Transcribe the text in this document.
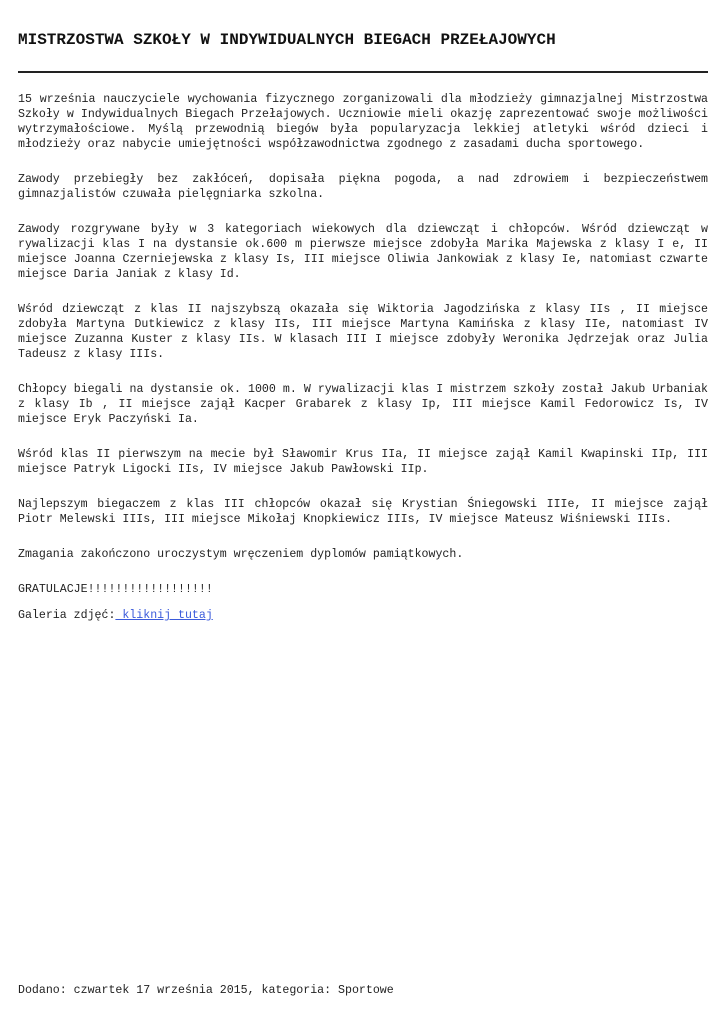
MISTRZOSTWA SZKOŁY W INDYWIDUALNYCH BIEGACH PRZEŁAJOWYCH

15 września nauczyciele wychowania fizycznego zorganizowali dla młodzieży gimnazjalnej Mistrzostwa Szkoły w Indywidualnych Biegach Przełajowych. Uczniowie mieli okazję zaprezentować swoje możliwości wytrzymałościowe. Myślą przewodnią biegów była popularyzacja lekkiej atletyki wśród dzieci i młodzieży oraz nabycie umiejętności współzawodnictwa zgodnego z zasadami ducha sportowego.

Zawody przebiegły bez zakłóceń, dopisała piękna pogoda, a nad zdrowiem i bezpieczeństwem gimnazjalistów czuwała pielęgniarka szkolna.

Zawody rozgrywane były w 3 kategoriach wiekowych dla dziewcząt i chłopców. Wśród dziewcząt w rywalizacji klas I na dystansie ok.600 m pierwsze miejsce zdobyła Marika Majewska z klasy I e, II miejsce Joanna Czerniejewska z klasy Is, III miejsce Oliwia Jankowiak z klasy Ie, natomiast czwarte miejsce Daria Janiak z klasy Id.

Wśród dziewcząt z klas II najszybszą okazała się Wiktoria Jagodzińska z klasy IIs , II miejsce zdobyła Martyna Dutkiewicz z klasy IIs, III miejsce Martyna Kamińska z klasy IIe, natomiast IV miejsce Zuzanna Kuster z klasy IIs. W klasach III I miejsce zdobyły Weronika Jędrzejak oraz Julia Tadeusz z klasy IIIs.

Chłopcy biegali na dystansie ok. 1000 m. W rywalizacji klas I mistrzem szkoły został Jakub Urbaniak z klasy Ib , II miejsce zajął Kacper Grabarek z klasy Ip, III miejsce Kamil Fedorowicz Is, IV miejsce Eryk Paczyński Ia.

Wśród klas II pierwszym na mecie był Sławomir Krus IIa, II miejsce zajął Kamil Kwapinski IIp, III miejsce Patryk Ligocki IIs, IV miejsce Jakub Pawłowski IIp.

Najlepszym biegaczem z klas III chłopców okazał się Krystian Śniegowski IIIe, II miejsce zajął Piotr Melewski IIIs, III miejsce Mikołaj Knopkiewicz IIIs, IV miejsce Mateusz Wiśniewski IIIs.

Zmagania zakończono uroczystym wręczeniem dyplomów pamiątkowych.

GRATULACJE!!!!!!!!!!!!!!!!!!

Galeria zdjęć: kliknij tutaj

Dodano: czwartek 17 września 2015, kategoria: Sportowe
